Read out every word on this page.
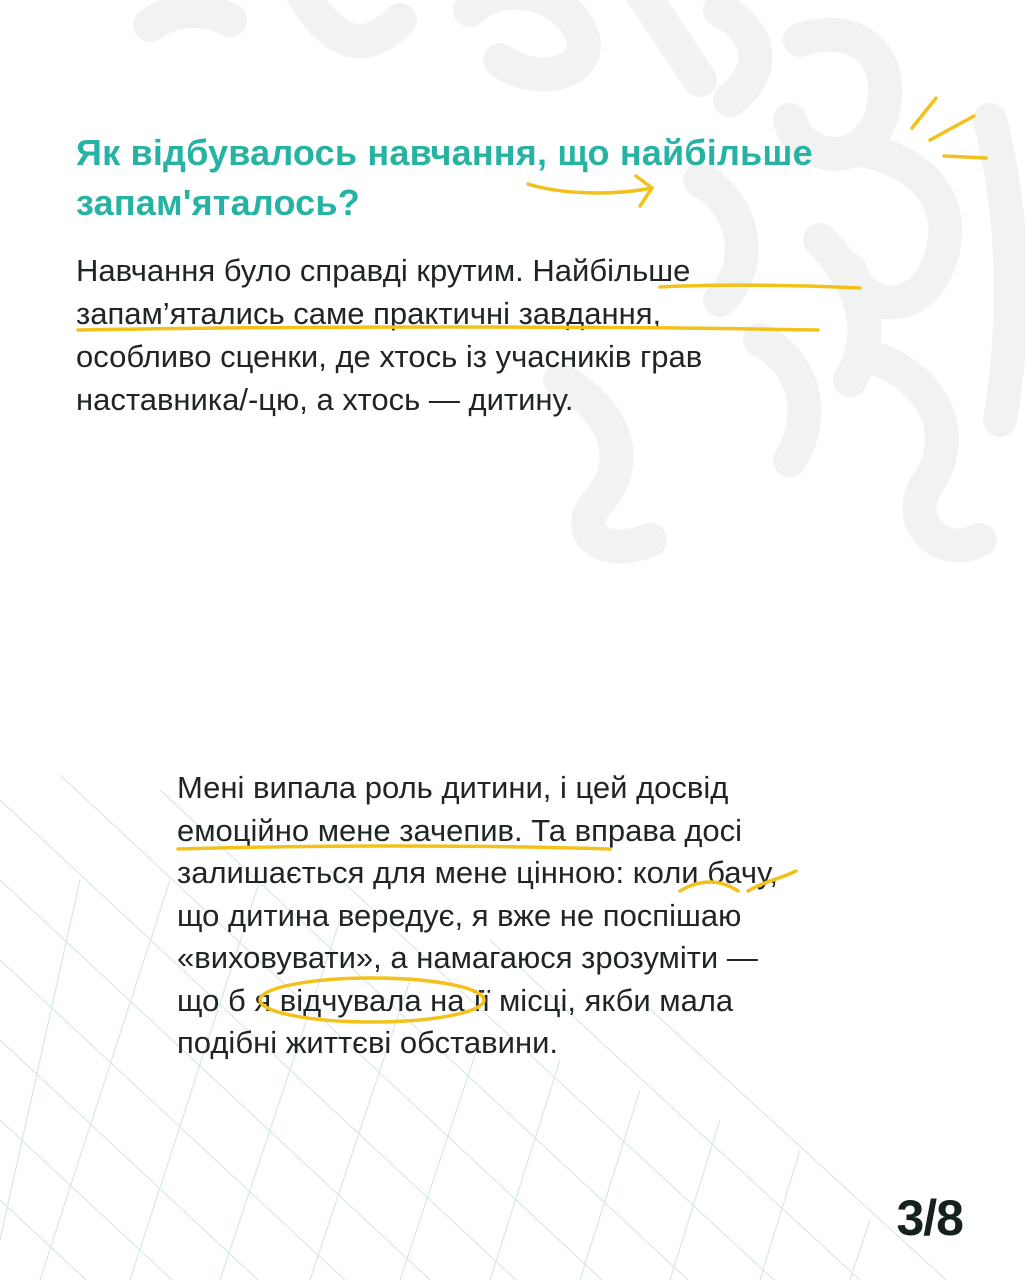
Як відбувалось навчання, що найбільше
запам'яталось?

Навчання було справді крутим. Найбільше
запам’ятались саме практичні завдання,
особливо сценки, де хтось із учасників грав
наставника/-цю, а хтось — дитину.

Мені випала роль дитини, і цей досвід
емоційно мене зачепив. Та вправа досі
залишається для мене цінною: коли бачу,
що дитина вередує, я вже не поспішаю
«виховувати», а намагаюся зрозуміти —
що б я відчувала на її місці, якби мала
подібні життєві обставини.

3/8
